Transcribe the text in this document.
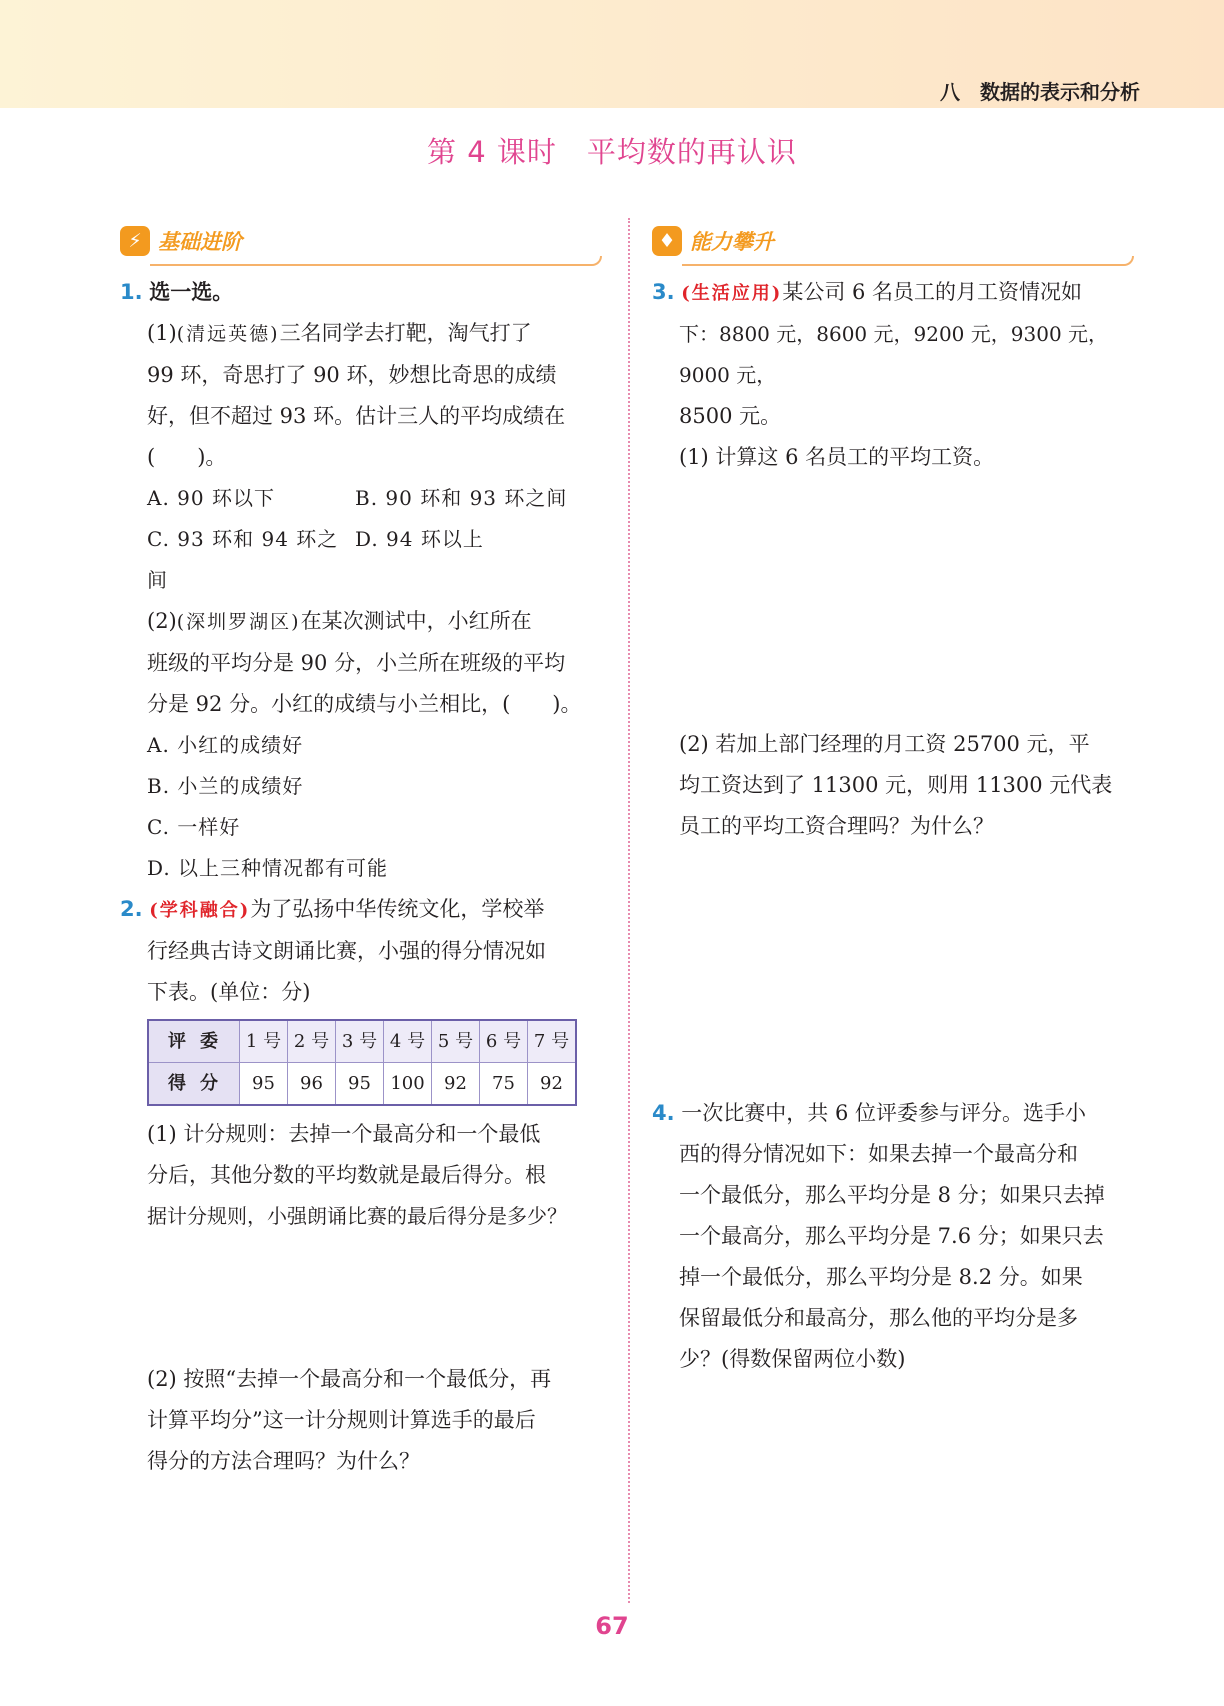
八　数据的表示和分析
第 4 课时　平均数的再认识
⚡ 基础进阶	♦ 能力攀升

1. 选一选。

(1)(清远英德)三名同学去打靶，淘气打了

99 环，奇思打了 90 环，妙想比奇思的成绩

好，但不超过 93 环。估计三人的平均成绩在

(　　)。

A. 90 环以下	B. 90 环和 93 环之间
C. 93 环和 94 环之间
D. 94 环以上

(2)(深圳罗湖区)在某次测试中，小红所在

班级的平均分是 90 分，小兰所在班级的平均

分是 92 分。小红的成绩与小兰相比，(　　)。

A. 小红的成绩好

B. 小兰的成绩好

C. 一样好

D. 以上三种情况都有可能

2. (学科融合)为了弘扬中华传统文化，学校举

行经典古诗文朗诵比赛，小强的得分情况如

下表。(单位：分)

评委	1 号	2 号	3 号	4 号	5 号	6 号	7 号
得分	95	96	95	100	92	75	92

(1) 计分规则：去掉一个最高分和一个最低

分后，其他分数的平均数就是最后得分。根

据计分规则，小强朗诵比赛的最后得分是多少？

(2) 按照“去掉一个最高分和一个最低分，再

计算平均分”这一计分规则计算选手的最后

得分的方法合理吗？为什么？

3. (生活应用)某公司 6 名员工的月工资情况如

下：8800 元，8600 元，9200 元，9300 元，9000 元，

8500 元。

(1) 计算这 6 名员工的平均工资。

(2) 若加上部门经理的月工资 25700 元，平

均工资达到了 11300 元，则用 11300 元代表

员工的平均工资合理吗？为什么？

4. 一次比赛中，共 6 位评委参与评分。选手小

西的得分情况如下：如果去掉一个最高分和

一个最低分，那么平均分是 8 分；如果只去掉

一个最高分，那么平均分是 7.6 分；如果只去

掉一个最低分，那么平均分是 8.2 分。如果

保留最低分和最高分，那么他的平均分是多

少？(得数保留两位小数)

67
